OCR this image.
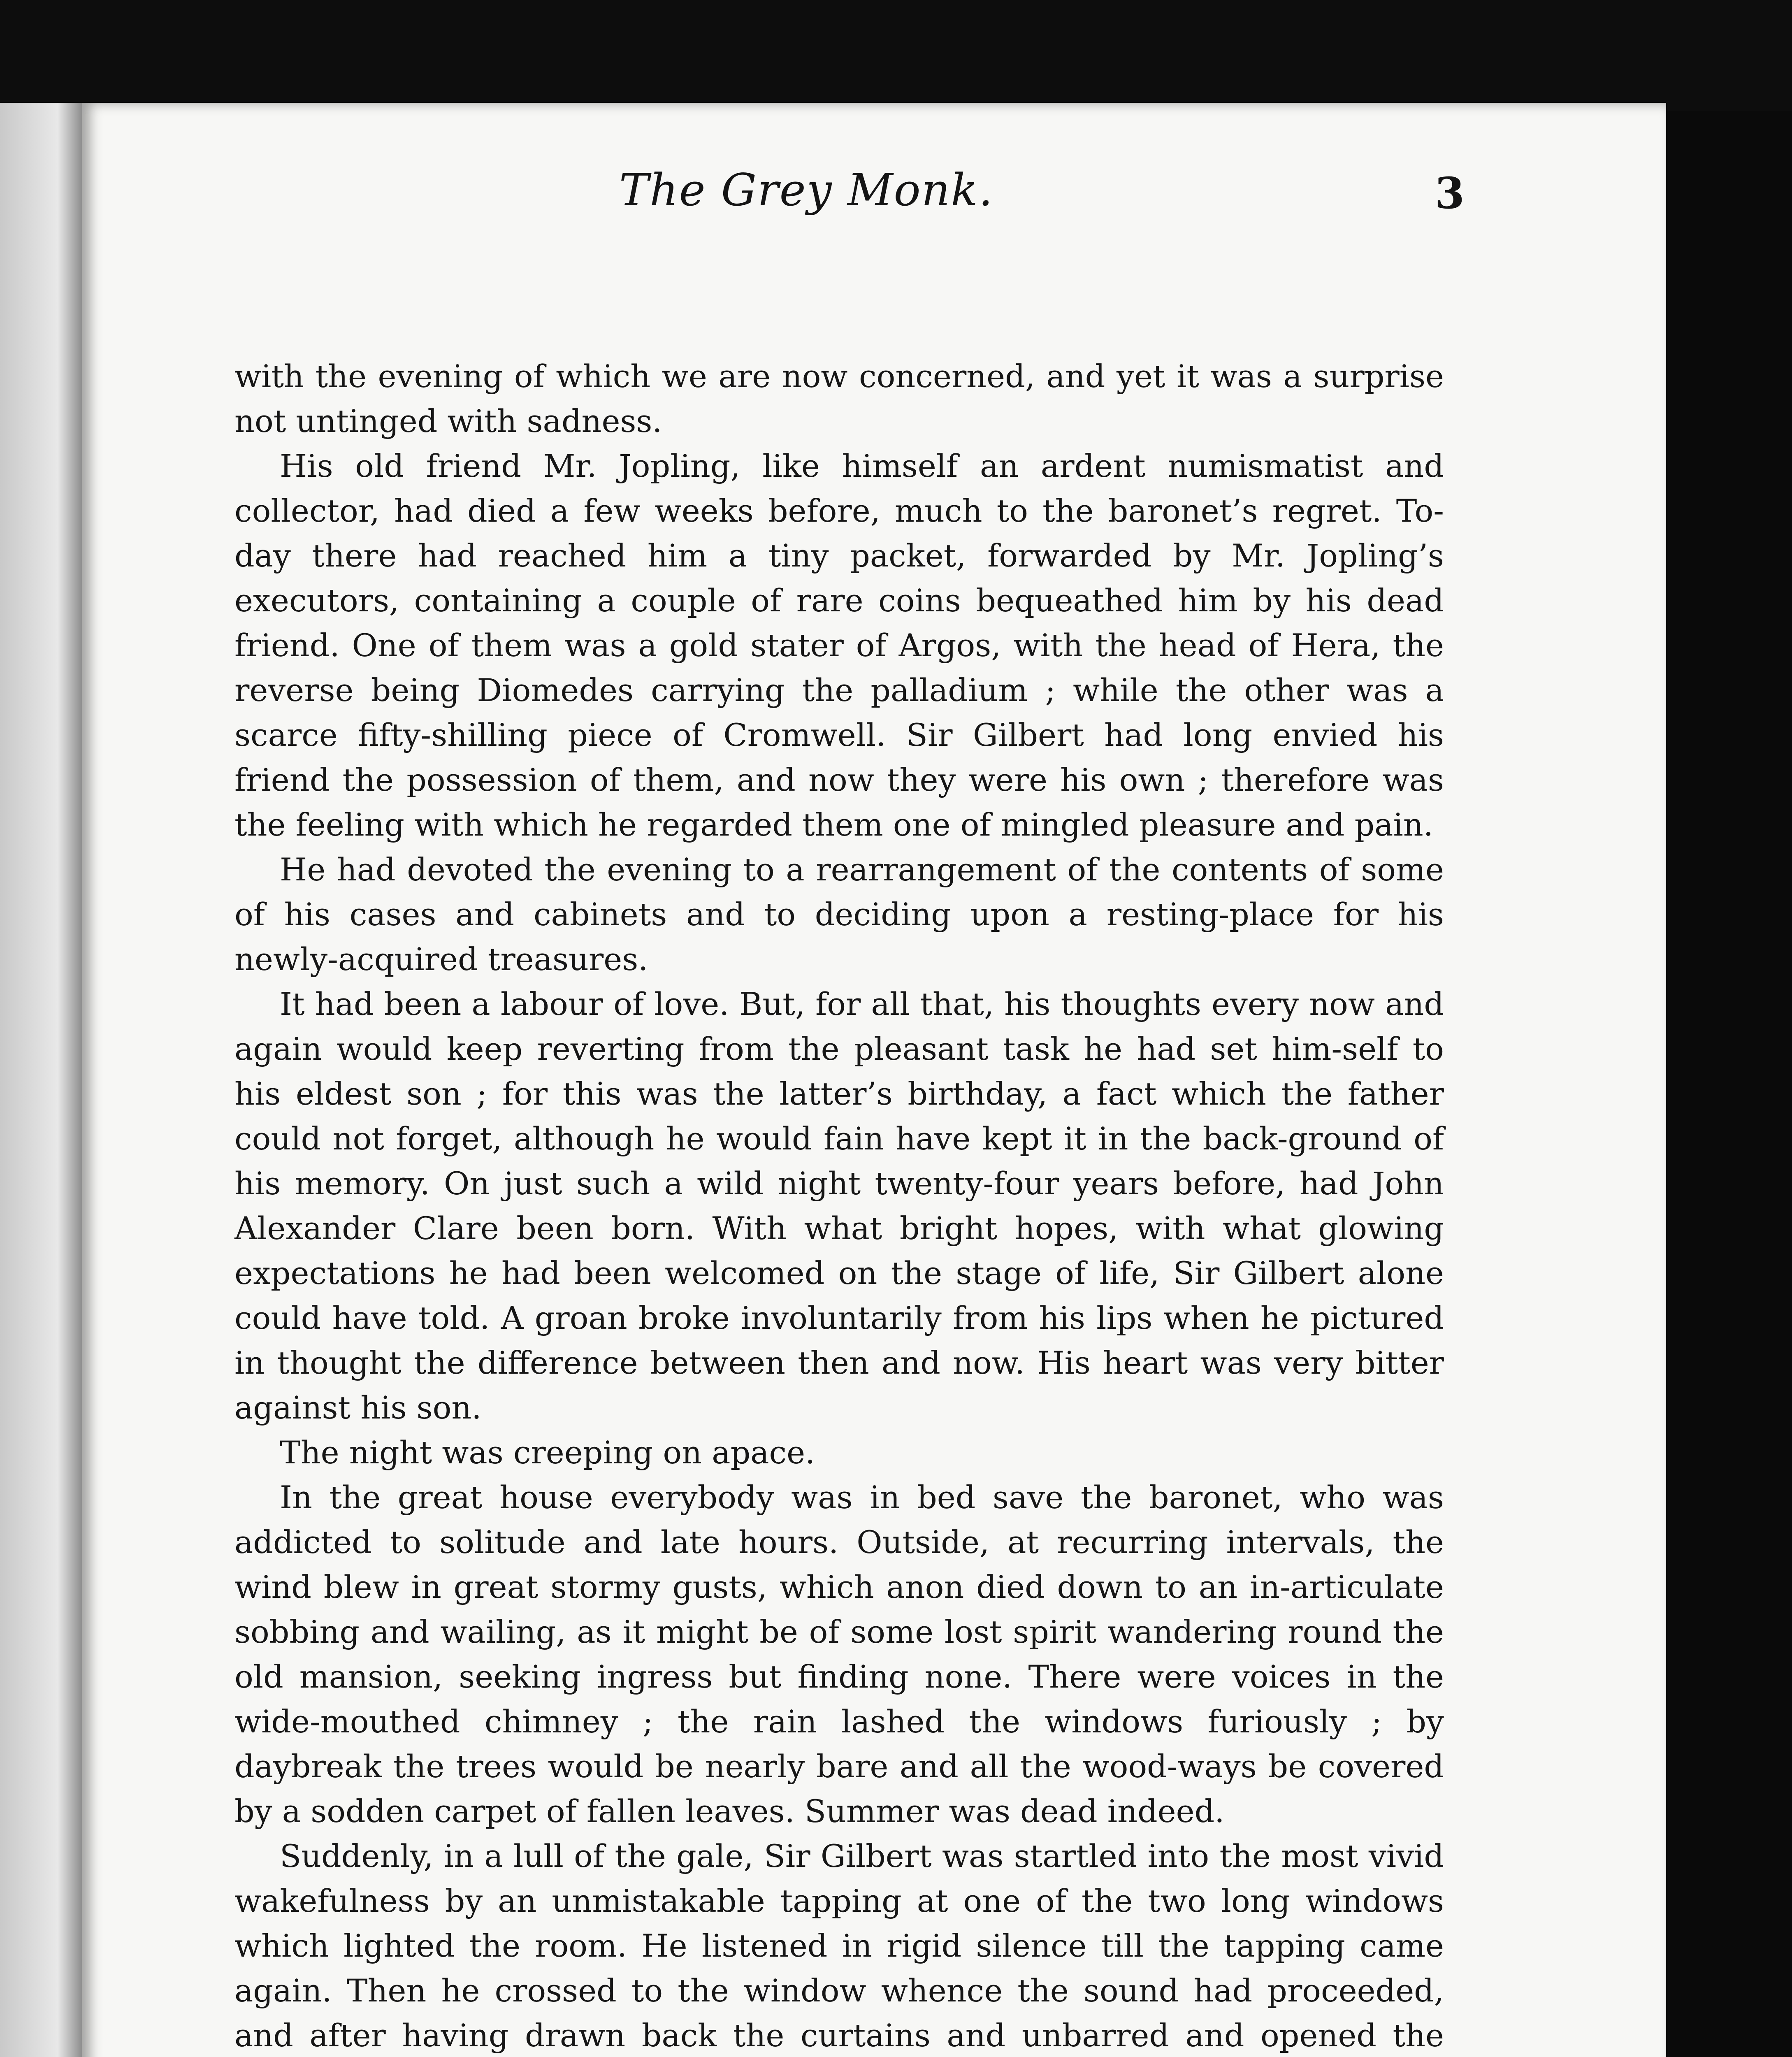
The Grey Monk.	3

with the evening of which we are now concerned, and yet it was a surprise not untinged with sadness.

His old friend Mr. Jopling, like himself an ardent numismatist and collector, had died a few weeks before, much to the baronet’s regret. To-day there had reached him a tiny packet, forwarded by Mr. Jopling’s executors, containing a couple of rare coins bequeathed him by his dead friend. One of them was a gold stater of Argos, with the head of Hera, the reverse being Diomedes carrying the palladium ; while the other was a scarce fifty-shilling piece of Cromwell. Sir Gilbert had long envied his friend the possession of them, and now they were his own ; therefore was the feeling with which he regarded them one of mingled pleasure and pain.

He had devoted the evening to a rearrangement of the contents of some of his cases and cabinets and to deciding upon a resting-place for his newly-acquired treasures.

It had been a labour of love. But, for all that, his thoughts every now and again would keep reverting from the pleasant task he had set him-self to his eldest son ; for this was the latter’s birthday, a fact which the father could not forget, although he would fain have kept it in the back-ground of his memory. On just such a wild night twenty-four years before, had John Alexander Clare been born. With what bright hopes, with what glowing expectations he had been welcomed on the stage of life, Sir Gilbert alone could have told. A groan broke involuntarily from his lips when he pictured in thought the difference between then and now. His heart was very bitter against his son.

The night was creeping on apace.

In the great house everybody was in bed save the baronet, who was addicted to solitude and late hours. Outside, at recurring intervals, the wind blew in great stormy gusts, which anon died down to an in-articulate sobbing and wailing, as it might be of some lost spirit wandering round the old mansion, seeking ingress but finding none. There were voices in the wide-mouthed chimney ; the rain lashed the windows furiously ; by daybreak the trees would be nearly bare and all the wood-ways be covered by a sodden carpet of fallen leaves. Summer was dead indeed.

Suddenly, in a lull of the gale, Sir Gilbert was startled into the most vivid wakefulness by an unmistakable tapping at one of the two long windows which lighted the room. He listened in rigid silence till the tapping came again. Then he crossed to the window whence the sound had proceeded, and after having drawn back the curtains and unbarred and opened the
